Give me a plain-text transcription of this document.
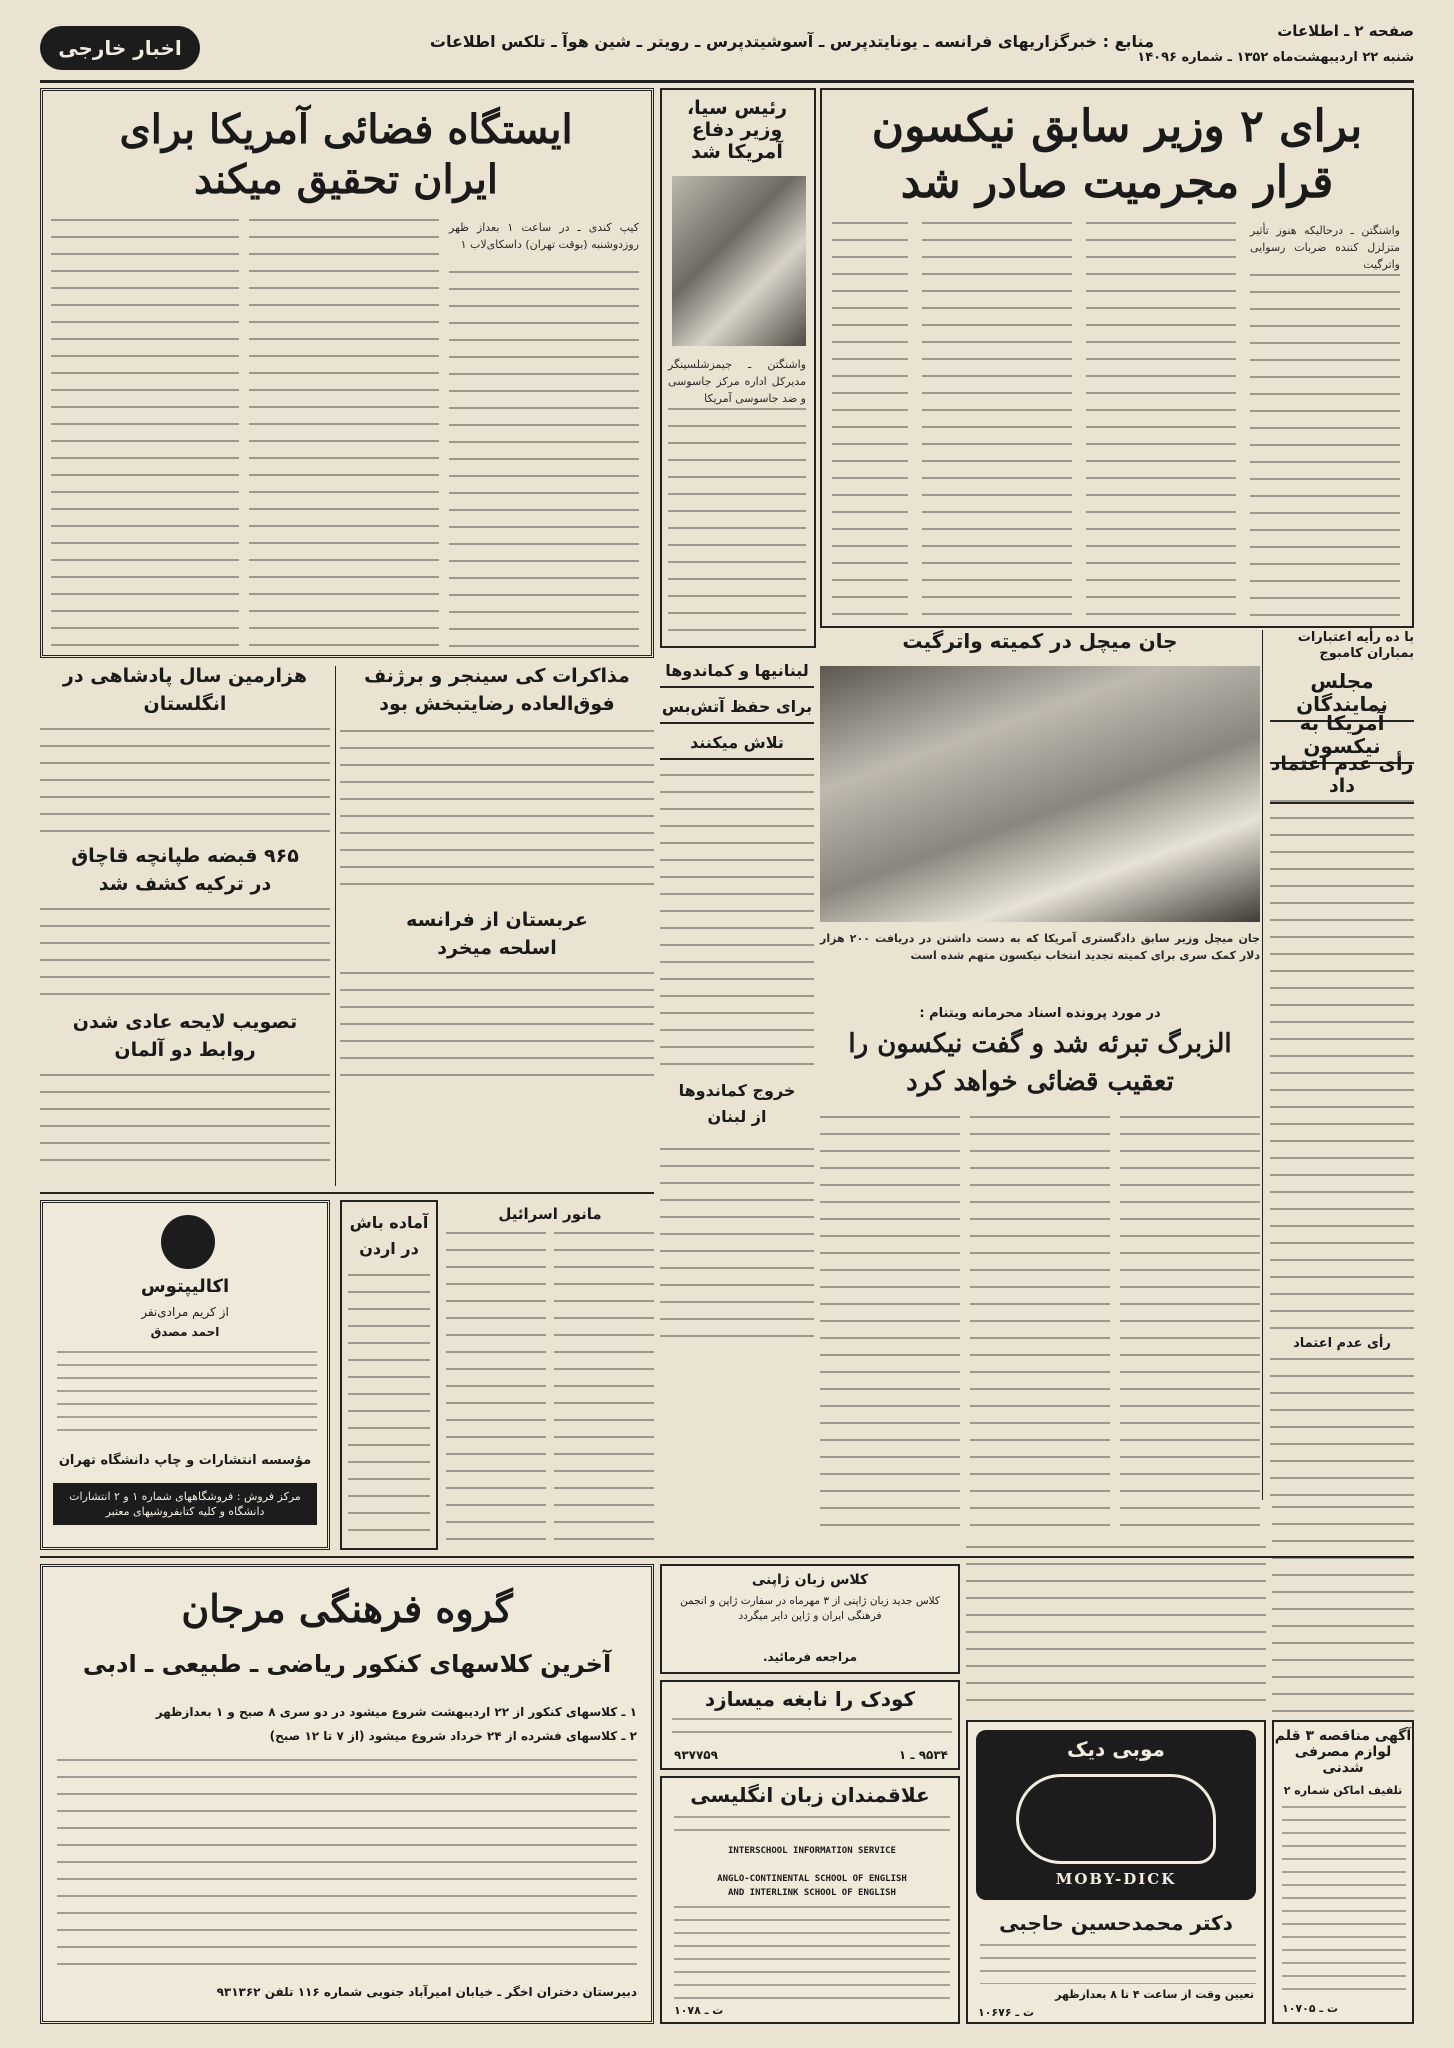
صفحه ۲ ـ اطلاعات
شنبه ۲۲ اردیبهشت‌ماه ۱۳۵۲ ـ شماره ۱۴۰۹۶
منابع : خبرگزاریهای فرانسه ـ یونایتدپرس ـ آسوشیتدپرس ـ رویتر ـ شین هوآ ـ تلکس اطلاعات
اخبار خارجی
برای ۲ وزیر سابق نیکسون
قرار مجرمیت صادر شد
واشنگتن ـ درحالیکه هنوز تأثیر متزلزل کننده ضربات رسوایی واترگیت
رئیس سیا، وزیر دفاع آمریکا شد
واشنگتن ـ جیمزشلسینگر مدیرکل اداره مرکز جاسوسی و ضد جاسوسی آمریکا
ایستگاه فضائی آمریکا برای
ایران تحقیق میکند
کیپ کندی ـ در ساعت ۱ بعداز ظهر روزدوشنبه (بوقت تهران) داسکای‌لاب ۱
با ده رأیه اعتبارات بمباران کامبوج
مجلس نمایندگان
آمریکا به نیکسون
رأی عدم اعتماد داد
رأی عدم اعتماد
جان میچل در کمیته واترگیت
جان میچل وزیر سابق دادگستری آمریکا که به دست داشتن در دریافت ۲۰۰ هزار دلار کمک سری برای کمیته تجدید انتخاب نیکسون متهم شده است
لبنانیها و کماندوها
برای حفظ آتش‌بس
تلاش میکنند
خروج کماندوها
از لبنان
در مورد پرونده اسناد محرمانه ویتنام :
الزبرگ تبرئه شد و گفت نیکسون را
تعقیب قضائی خواهد کرد
مذاکرات کی سینجر و برژنف
فوق‌العاده رضایتبخش بود
عربستان از فرانسه
اسلحه میخرد
هزارمین سال پادشاهی در
انگلستان
۹۶۵ قبضه طپانچه قاچاق
در ترکیه کشف شد
تصویب لایحه عادی شدن
روابط دو آلمان
اکالیپتوس
از کریم مرادی‌نفر
احمد مصدق
مؤسسه انتشارات و چاپ دانشگاه تهران
مرکز فروش : فروشگاههای شماره ۱ و ۲ انتشارات دانشگاه و کلیه کتابفروشیهای معتبر
آماده باش
در اردن
مانور اسرائیل
گروه فرهنگی مرجان
آخرین کلاسهای کنکور ریاضی ـ طبیعی ـ ادبی
۱ ـ کلاسهای کنکور از ۲۲ اردیبهشت شروع میشود در دو سری ۸ صبح و ۱ بعدازظهر
۲ ـ کلاسهای فشرده از ۲۴ خرداد شروع میشود (از ۷ تا ۱۲ صبح)
دبیرستان دختران اخگر ـ خیابان امیرآباد جنوبی شماره ۱۱۶ تلفن ۹۳۱۳۶۲
کلاس زبان ژاپنی
کلاس جدید زبان ژاپنی از ۳ مهرماه در سفارت ژاپن و انجمن فرهنگی ایران و ژاپن دایر میگردد
مراجعه فرمائید.
کودک را نابغه میسازد
۹۳۷۷۵۹	۹۵۳۴ ـ ۱
علاقمندان زبان انگلیسی
INTERSCHOOL INFORMATION SERVICE
ANGLO-CONTINENTAL SCHOOL OF ENGLISH
AND INTERLINK SCHOOL OF ENGLISH
ت ـ ۱۰۷۸
موبی دیک
MOBY-DICK
دکتر محمدحسین حاجبی
تعیین وقت از ساعت ۴ تا ۸ بعدازظهر
ت ـ ۱۰۶۷۶
آگهی مناقصه ۳ قلم لوازم مصرفی شدنی
تلفیف اماکن شماره ۲
ت ـ ۱۰۷۰۵
